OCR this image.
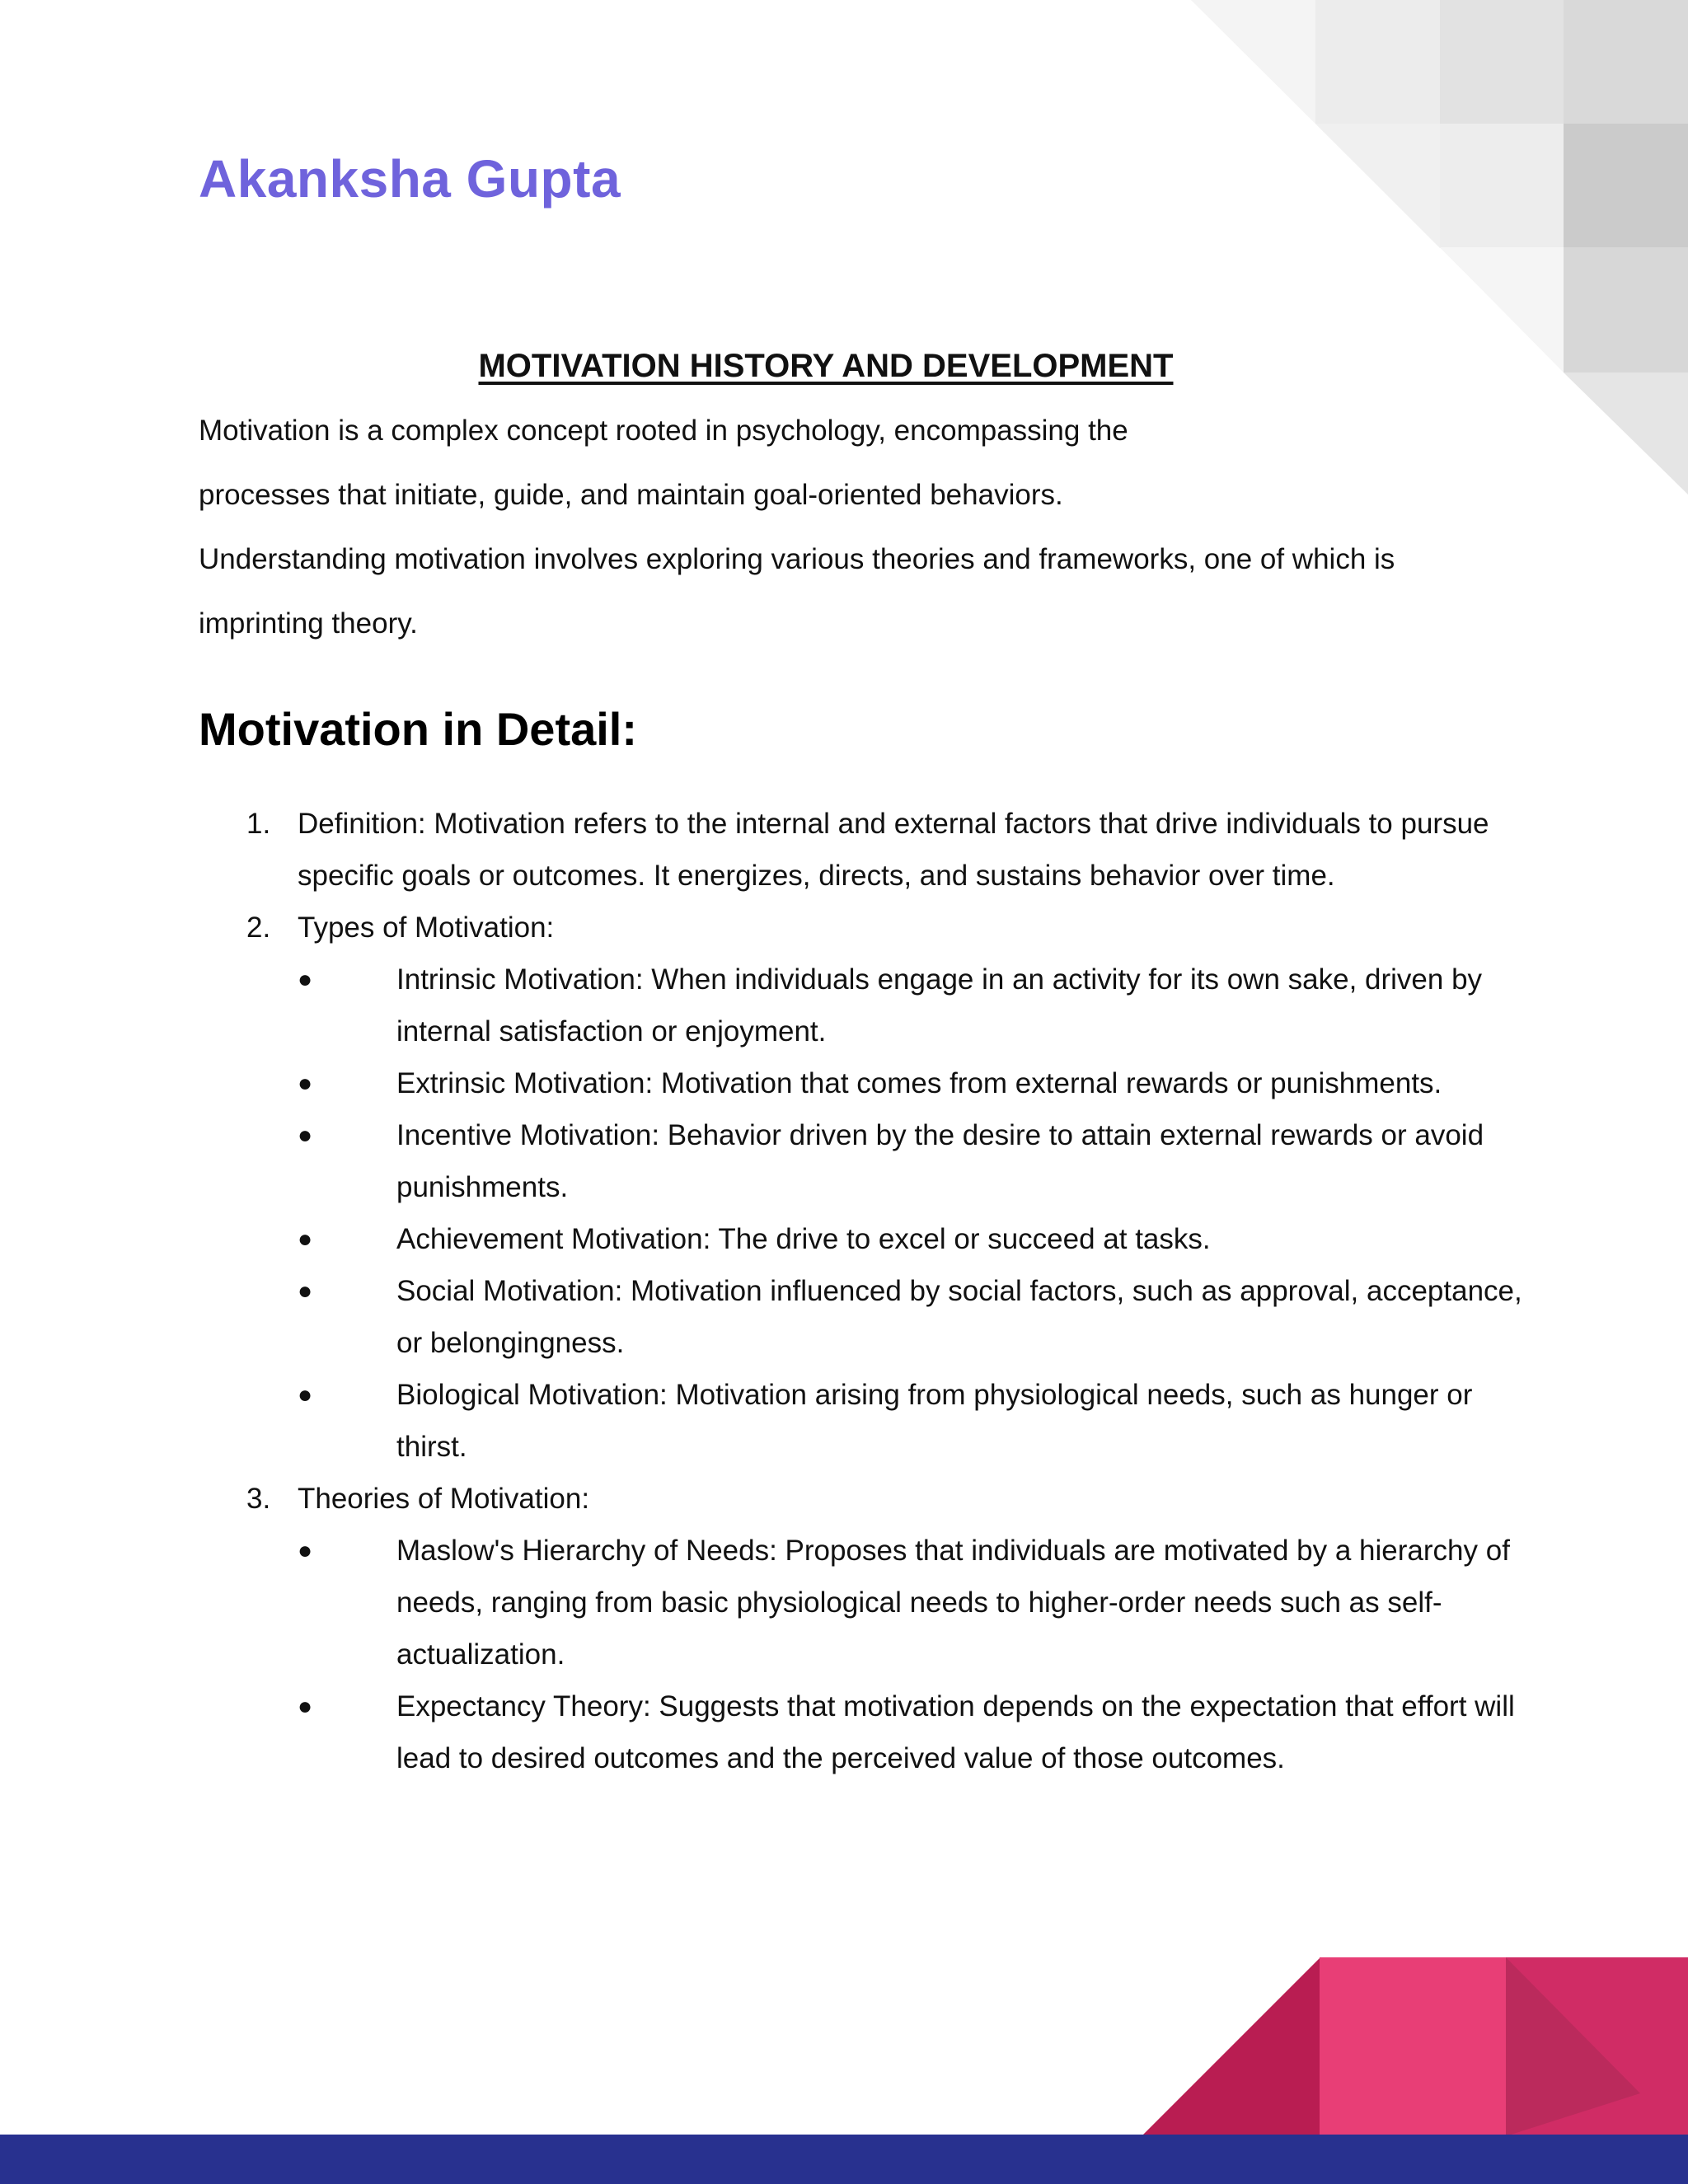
Akanksha Gupta
MOTIVATION HISTORY AND DEVELOPMENT
Motivation is a complex concept rooted in psychology, encompassing the
processes that initiate, guide, and maintain goal-oriented behaviors.
Understanding motivation involves exploring various theories and frameworks, one of which is
imprinting theory.
Motivation in Detail:
1. Definition: Motivation refers to the internal and external factors that drive individuals to pursue specific goals or outcomes. It energizes, directs, and sustains behavior over time.
2. Types of Motivation:
●	Intrinsic Motivation: When individuals engage in an activity for its own sake, driven by internal satisfaction or enjoyment.
●	Extrinsic Motivation: Motivation that comes from external rewards or punishments.
●	Incentive Motivation: Behavior driven by the desire to attain external rewards or avoid punishments.
●	Achievement Motivation: The drive to excel or succeed at tasks.
●	Social Motivation: Motivation influenced by social factors, such as approval, acceptance, or belongingness.
●	Biological Motivation: Motivation arising from physiological needs, such as hunger or thirst.
3. Theories of Motivation:
●	Maslow's Hierarchy of Needs: Proposes that individuals are motivated by a hierarchy of needs, ranging from basic physiological needs to higher-order needs such as self-actualization.
●	Expectancy Theory: Suggests that motivation depends on the expectation that effort will lead to desired outcomes and the perceived value of those outcomes.
